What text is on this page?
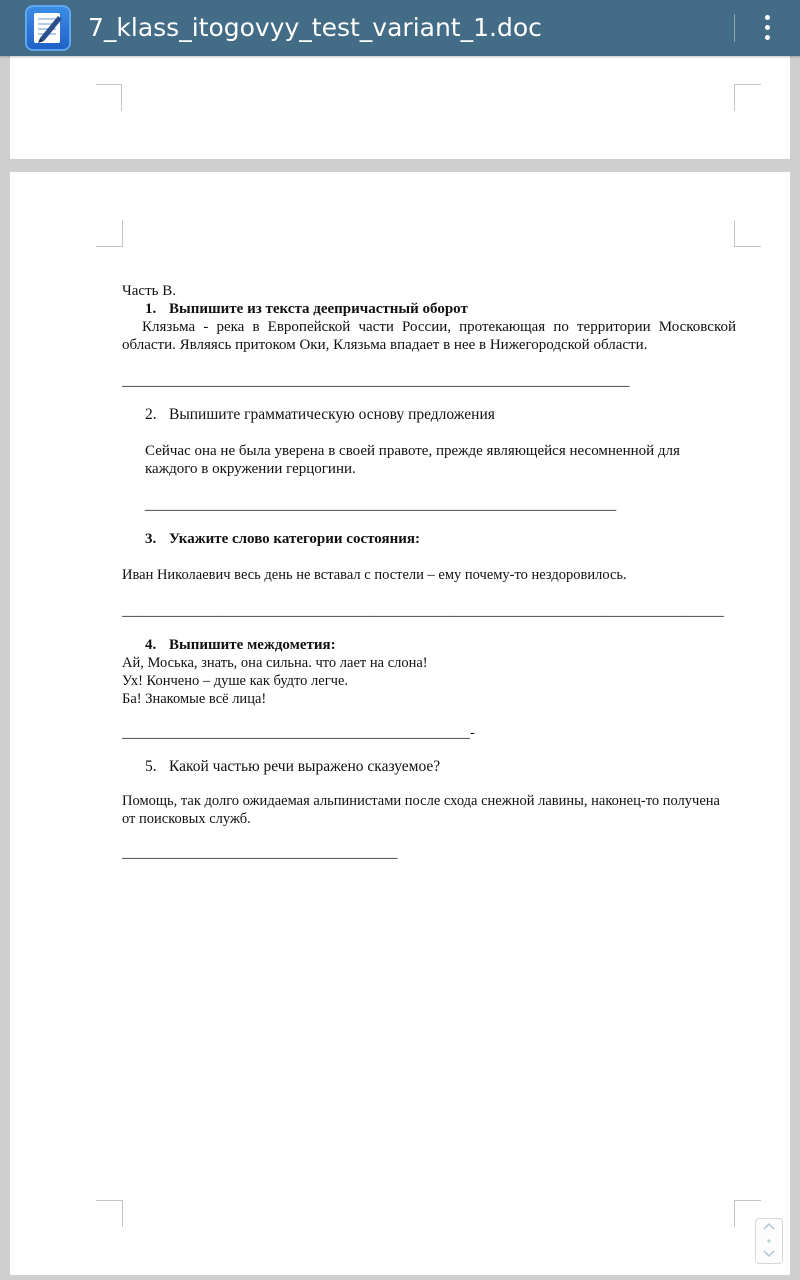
7_klass_itogovyy_test_variant_1.doc

Часть В.

1. Выпишите из текста деепричастный оборот

Клязьма - река в Европейской части России, протекающая по территории Московской области. Являясь притоком Оки, Клязьма впадает в нее в Нижегородской области.

______________________________________________________________________

2. Выпишите грамматическую основу предложения

Сейчас она не была уверена в своей правоте, прежде являющейся несомненной для каждого в окружении герцогини.

_________________________________________________________________

3. Укажите слово категории состояния:

Иван Николаевич весь день не вставал с постели – ему почему-то нездоровилось.

___________________________________________________________________________________

4. Выпишите междометия:

Ай, Моська, знать, она сильна. что лает на слона!

Ух! Кончено – душе как будто легче.

Ба! Знакомые всё лица!

________________________________________________-

5. Какой частью речи выражено сказуемое?

Помощь, так долго ожидаемая альпинистами после схода снежной лавины, наконец-то получена от поисковых служб.

______________________________________
